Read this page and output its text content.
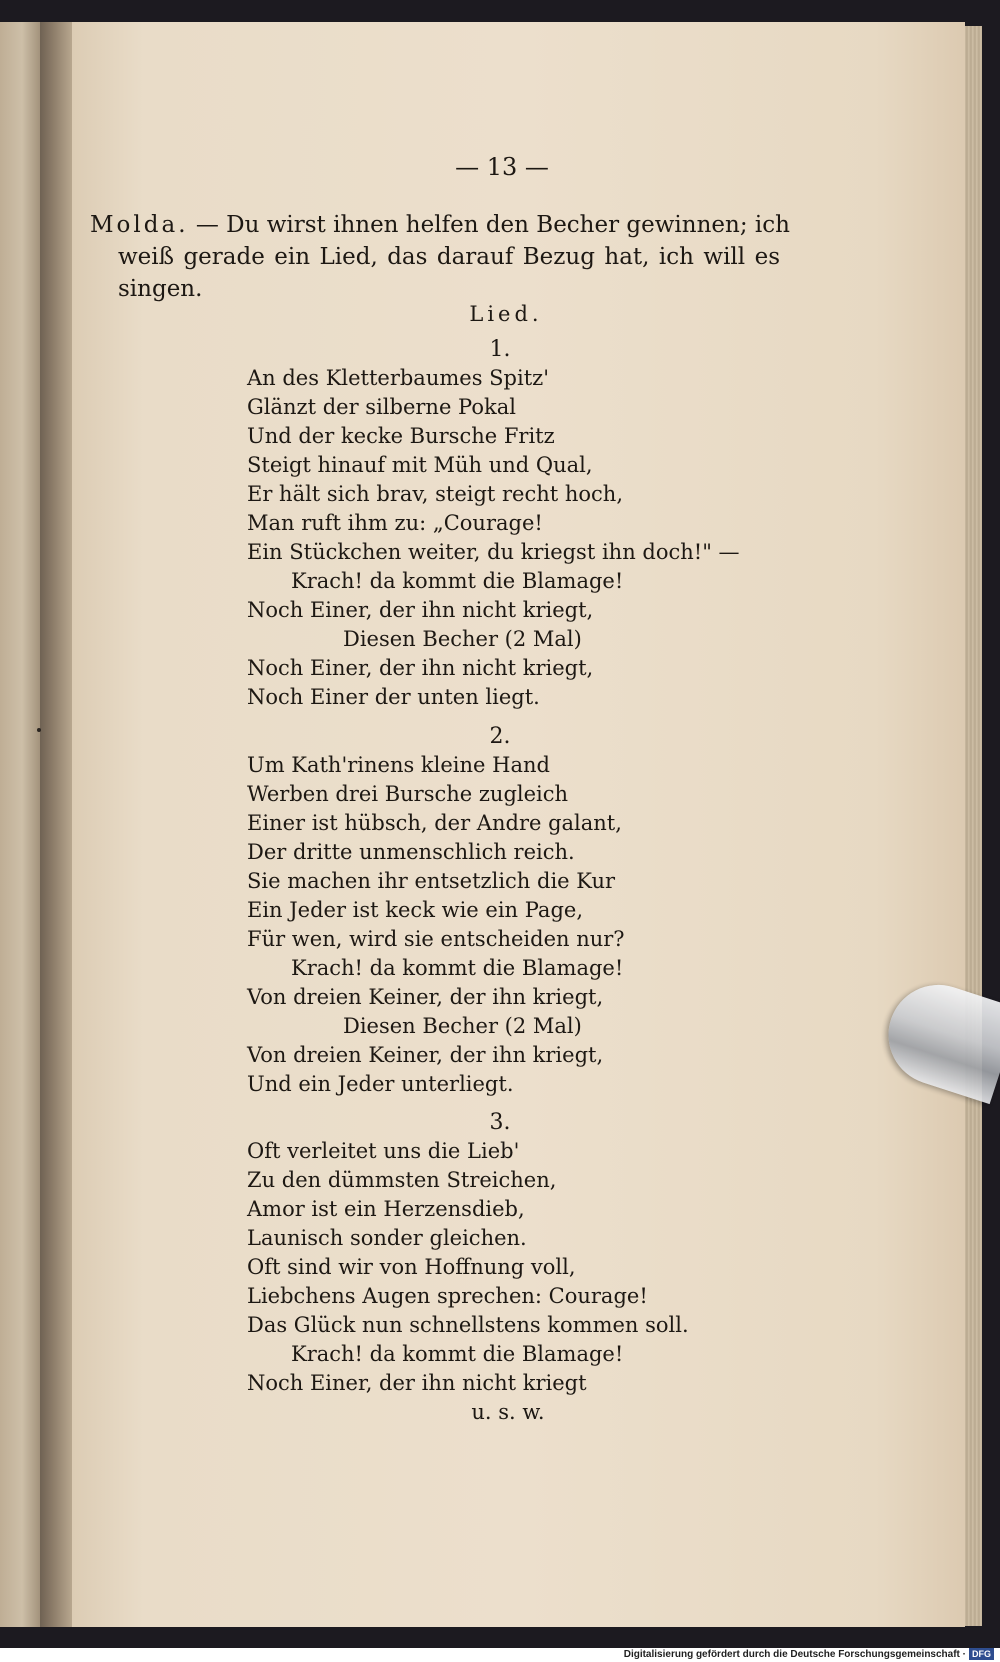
— 13 —
Molda. — Du wirst ihnen helfen den Becher gewinnen; ich
weiß gerade ein Lied, das darauf Bezug hat, ich will es
singen.
Lied.
1.
An des Kletterbaumes Spitz'
Glänzt der silberne Pokal
Und der kecke Bursche Fritz
Steigt hinauf mit Müh und Qual,
Er hält sich brav, steigt recht hoch,
Man ruft ihm zu: „Courage!
Ein Stückchen weiter, du kriegst ihn doch!" —
Krach! da kommt die Blamage!
Noch Einer, der ihn nicht kriegt,
Diesen Becher (2 Mal)
Noch Einer, der ihn nicht kriegt,
Noch Einer der unten liegt.
2.
Um Kath'rinens kleine Hand
Werben drei Bursche zugleich
Einer ist hübsch, der Andre galant,
Der dritte unmenschlich reich.
Sie machen ihr entsetzlich die Kur
Ein Jeder ist keck wie ein Page,
Für wen, wird sie entscheiden nur?
Krach! da kommt die Blamage!
Von dreien Keiner, der ihn kriegt,
Diesen Becher (2 Mal)
Von dreien Keiner, der ihn kriegt,
Und ein Jeder unterliegt.
3.
Oft verleitet uns die Lieb'
Zu den dümmsten Streichen,
Amor ist ein Herzensdieb,
Launisch sonder gleichen.
Oft sind wir von Hoffnung voll,
Liebchens Augen sprechen: Courage!
Das Glück nun schnellstens kommen soll.
Krach! da kommt die Blamage!
Noch Einer, der ihn nicht kriegt
u. s. w.
Digitalisierung gefördert durch die Deutsche Forschungsgemeinschaft · DFG
